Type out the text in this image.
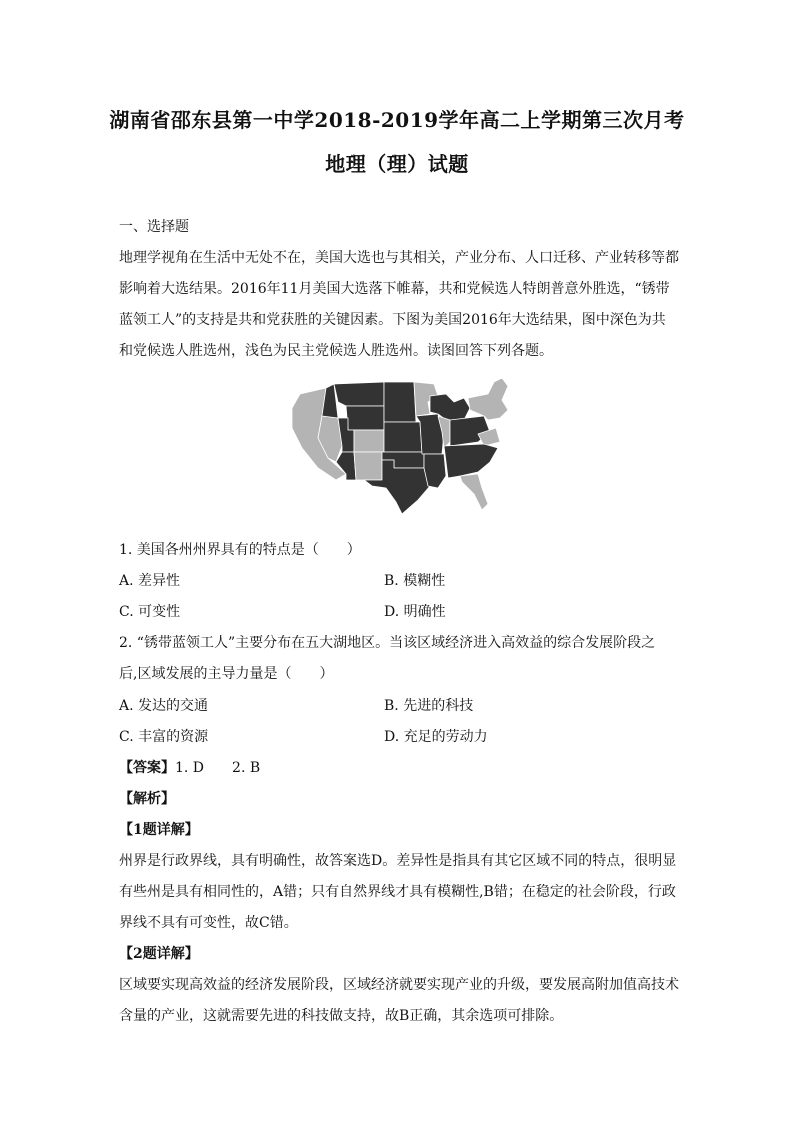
湖南省邵东县第一中学2018-2019学年高二上学期第三次月考
地理（理）试题
一、选择题
地理学视角在生活中无处不在，美国大选也与其相关，产业分布、人口迁移、产业转移等都
影响着大选结果。2016年11月美国大选落下帷幕，共和党候选人特朗普意外胜选，“锈带
蓝领工人”的支持是共和党获胜的关键因素。下图为美国2016年大选结果，图中深色为共
和党候选人胜选州，浅色为民主党候选人胜选州。读图回答下列各题。
1. 美国各州州界具有的特点是（　　）
A. 差异性	B. 模糊性
C. 可变性	D. 明确性
2. “锈带蓝领工人”主要分布在五大湖地区。当该区域经济进入高效益的综合发展阶段之
后,区域发展的主导力量是（　　）
A. 发达的交通	B. 先进的科技
C. 丰富的资源	D. 充足的劳动力
【答案】1. D　　2. B
【解析】
【1题详解】
州界是行政界线，具有明确性，故答案选D。差异性是指具有其它区域不同的特点，很明显
有些州是具有相同性的，A错；只有自然界线才具有模糊性,B错；在稳定的社会阶段，行政
界线不具有可变性，故C错。
【2题详解】
区域要实现高效益的经济发展阶段，区域经济就要实现产业的升级，要发展高附加值高技术
含量的产业，这就需要先进的科技做支持，故B正确，其余选项可排除。
